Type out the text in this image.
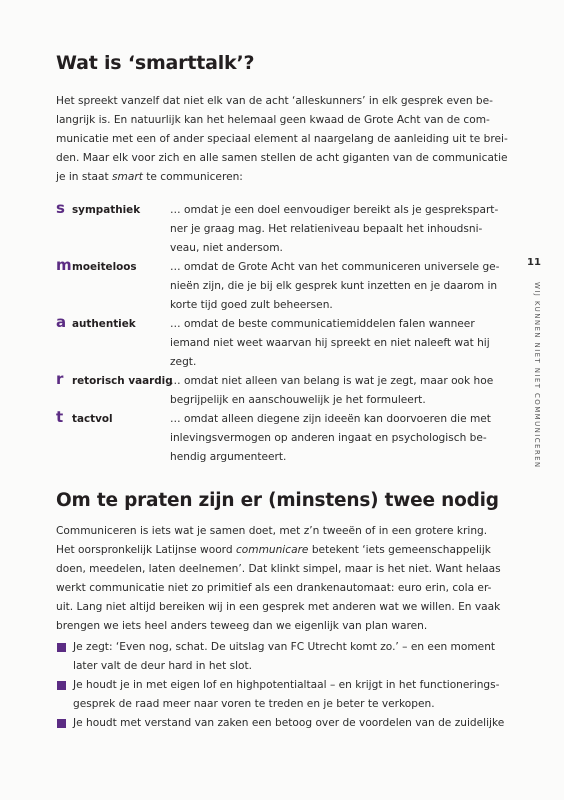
Wat is ‘smarttalk’?

Het spreekt vanzelf dat niet elk van de acht ‘alleskunners’ in elk gesprek even be-
langrijk is. En natuurlijk kan het helemaal geen kwaad de Grote Acht van de com-
municatie met een of ander speciaal element al naargelang de aanleiding uit te brei-
den. Maar elk voor zich en alle samen stellen de acht giganten van de communicatie
je in staat smart te communiceren:

s sympathiek	… omdat je een doel eenvoudiger bereikt als je gesprekspart-
ner je graag mag. Het relatieniveau bepaalt het inhoudsni-
veau, niet andersom.
m moeiteloos	… omdat de Grote Acht van het communiceren universele ge-
nieën zijn, die je bij elk gesprek kunt inzetten en je daarom in
korte tijd goed zult beheersen.
a authentiek	… omdat de beste communicatiemiddelen falen wanneer
iemand niet weet waarvan hij spreekt en niet naleeft wat hij
zegt.
r retorisch vaardig
… omdat niet alleen van belang is wat je zegt, maar ook hoe
begrijpelijk en aanschouwelijk je het formuleert.
t tactvol	… omdat alleen diegene zijn ideeën kan doorvoeren die met
inlevingsvermogen op anderen ingaat en psychologisch be-
hendig argumenteert.
Om te praten zijn er (minstens) twee nodig

Communiceren is iets wat je samen doet, met z’n tweeën of in een grotere kring.
Het oorspronkelijk Latijnse woord communicare betekent ‘iets gemeenschappelijk
doen, meedelen, laten deelnemen’. Dat klinkt simpel, maar is het niet. Want helaas
werkt communicatie niet zo primitief als een drankenautomaat: euro erin, cola er-
uit. Lang niet altijd bereiken wij in een gesprek met anderen wat we willen. En vaak
brengen we iets heel anders teweeg dan we eigenlijk van plan waren.

Je zegt: ‘Even nog, schat. De uitslag van FC Utrecht komt zo.’ – en een moment
later valt de deur hard in het slot.
Je houdt je in met eigen lof en highpotentialtaal – en krijgt in het functionerings-
gesprek de raad meer naar voren te treden en je beter te verkopen.
Je houdt met verstand van zaken een betoog over de voordelen van de zuidelijke
11
WIJ KUNNEN NIET NIET COMMUNICEREN
